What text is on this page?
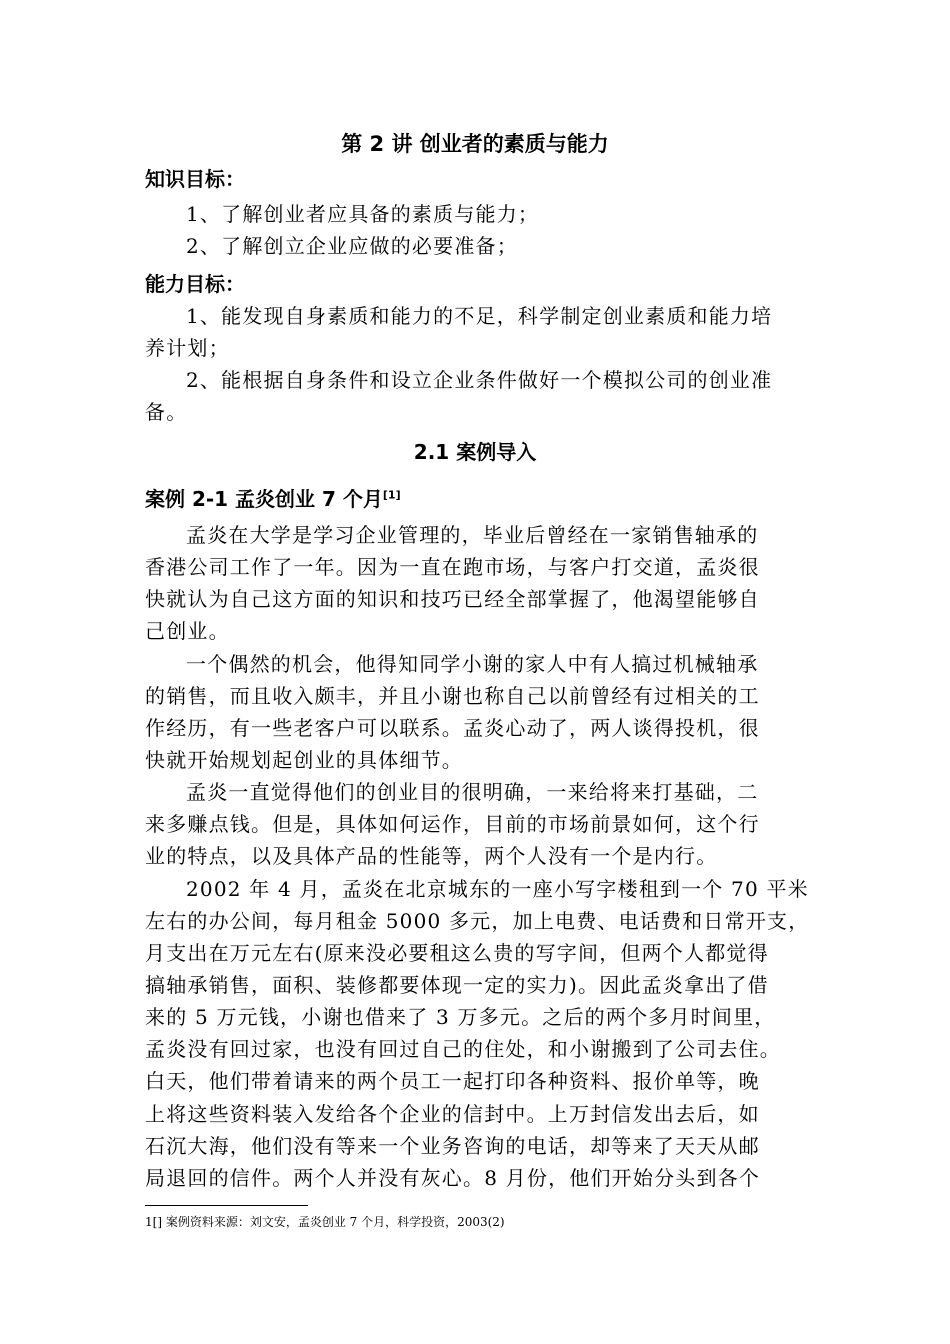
第 2 讲 创业者的素质与能力
知识目标：
1、了解创业者应具备的素质与能力；
2、了解创立企业应做的必要准备；
能力目标：
1、能发现自身素质和能力的不足，科学制定创业素质和能力培
养计划；
2、能根据自身条件和设立企业条件做好一个模拟公司的创业准
备。
2.1 案例导入
案例 2-1 孟炎创业 7 个月[1]
孟炎在大学是学习企业管理的，毕业后曾经在一家销售轴承的
香港公司工作了一年。因为一直在跑市场，与客户打交道，孟炎很
快就认为自己这方面的知识和技巧已经全部掌握了，他渴望能够自
己创业。
一个偶然的机会，他得知同学小谢的家人中有人搞过机械轴承
的销售，而且收入颇丰，并且小谢也称自己以前曾经有过相关的工
作经历，有一些老客户可以联系。孟炎心动了，两人谈得投机，很
快就开始规划起创业的具体细节。
孟炎一直觉得他们的创业目的很明确，一来给将来打基础，二
来多赚点钱。但是，具体如何运作，目前的市场前景如何，这个行
业的特点，以及具体产品的性能等，两个人没有一个是内行。
2002 年 4 月，孟炎在北京城东的一座小写字楼租到一个 70 平米
左右的办公间，每月租金 5000 多元，加上电费、电话费和日常开支，
月支出在万元左右(原来没必要租这么贵的写字间，但两个人都觉得
搞轴承销售，面积、装修都要体现一定的实力)。因此孟炎拿出了借
来的 5 万元钱，小谢也借来了 3 万多元。之后的两个多月时间里，
孟炎没有回过家，也没有回过自己的住处，和小谢搬到了公司去住。
白天，他们带着请来的两个员工一起打印各种资料、报价单等，晚
上将这些资料装入发给各个企业的信封中。上万封信发出去后，如
石沉大海，他们没有等来一个业务咨询的电话，却等来了天天从邮
局退回的信件。两个人并没有灰心。8 月份，他们开始分头到各个
1[] 案例资料来源：刘文安，孟炎创业 7 个月，科学投资，2003(2)
